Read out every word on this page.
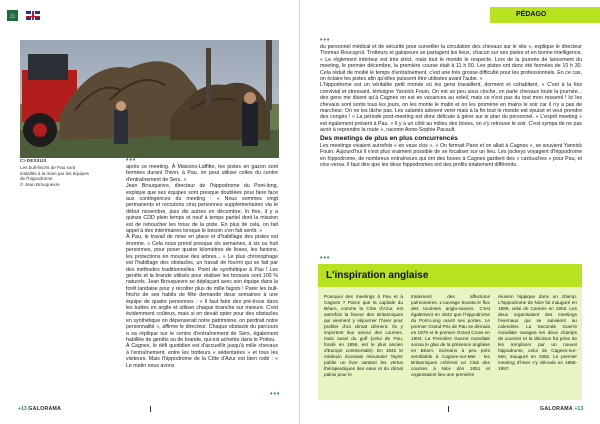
⌂	PÉDAGO
CI-DESSUS
Les bull-finchs de Pau sont installés à la main par les équipes de l'hippodrome
© Jean Brouquevre
•••

après ce meeting. À Maisons-Laffitte, les pistes en gazon sont fermées durant l'hiver, à Pau, on peut utiliser celles du centre d'entraînement de Sers. »

Jean Brouquevre, directeur de l'hippodrome du Pont-long, explique que ses équipes sont presque doublées pour faire face aux contingences du meeting : « Nous sommes vingt permanents et recrutons cinq personnes supplémentaires via le début novembre, puis dix autres en décembre. In fine, il y a quinze CDD plein temps et neuf à temps partiel dont la mission est de reboucher les trous de la piste. En plus de cela, on fait appel à des intérimaires lorsque le besoin s'en fait sentir. »

À Pau, le travail de mise en place et d'habillage des pistes est énorme. « Cela nous prend presque six semaines, à six ou huit personnes, pour poser quatre kilomètres de lisses, les fanions, les protections en mousse des arbres... » Le plus chronophage est l'habillage des obstacles, un travail de fourmi qui se fait par des méthodes traditionnelles. Point de synthétique à Pau ! Les genêts et la brande utilisés pour réaliser les brosses sont 100 % naturels. Jean Brouquevre se déplaçant avec son équipe dans la forêt landaise pour y récolter plus de mille fagots ! Parer les bull-finchs de ses habits de fête demande deux semaines à une équipe de quatre personnes : « Il faut faire des pré-trous dans les buttes en argile et utiliser chaque branche sur mesure. C'est évidemment coûteux, mais si on devait opter pour des obstacles en synthétique on dépenserait notre patrimoine, on perdrait notre personnalité », affirme le directeur. Chaque obstacle du parcours a sa réplique sur le centre d'entraînement de Sers, également habillée de genêts ou de brande, qui est achetée dans le Poitou.

À Cagnes, le défi quotidien est d'accueillir jusqu'à mille chevaux à l'entraînement, entre les trotteurs « sédentaires » et tous les visiteurs. Mais l'hippodrome de la Côte d'Azur est bien rodé : « Le matin nous avons

•••

du personnel médical et de sécurité pour surveiller la circulation des chevaux sur le site », explique le directeur Thomas Roucayrol. Trotteurs et galopeurs se partagent les lieux, chacun sur ses pistes et en bonne intelligence. « Le règlement intérieur est très strict, mais tout le monde le respecte. Lors de la journée de lancement du meeting, le premier décembre, la première course était à 11 h 50. Les pistes ont donc été fermées de 10 h 30. Cela réduit de moitié le temps d'entraînement, c'est une très grosse difficulté pour les professionnels. En ce cas, on éclaire les pistes afin qu'elles puissent être utilisées avant l'aube. »

L'hippodrome est un véritable petit monde où les gens travaillent, dorment et cohabitent. « C'est à la fois convivial et stressant, témoigne Yannick Fouin. On est un peu sous cloche, on parle chevaux toute la journée... des gens me disent qu'à Cagnes on est en vacances au soleil, mais ce n'est pas du tout mon ressenti ! Ici les chevaux sont sortis tous les jours, on les monte le matin et on les promène en mains le soir car il n'y a pas de marcheur. On ne les lâche pas. Les salariés adorent venir mais à la fin tout le monde est épuisé et veut prendre des congés ! » La période post-meeting est donc délicate à gérer sur le plan du personnel. « L'esprit meeting » est également présent à Pau. « Il y a un côté au milieu des boxes, on s'y retrouve le soir. C'est sympa de ne pas avoir à reprendre la route », raconte Anne-Sophie Pacault.

Des meetings de plus en plus concurrencés

Les meetings vivaient autrefois « en vase clos ». « On fermait Paris et on allait à Cagnes », se souvient Yannick Fouin. Aujourd'hui il n'est plus vraiment possible de se focaliser sur un lieu. Les jockeys voyagent d'hippodrome en hippodrome, de nombreux entraîneurs qui ont des boxes à Cagnes gardent des « cartouches » pour Pau, et vice-versa. Il faut dire que les deux hippodromes ont des profils totalement différents.

L'inspiration anglaise
Pourquoi des meetings à Pau et à Cagnes ? Parce que la capitale du Béarn, comme la Côte d'Azur, est autrefois la faveur des Britanniques qui viennent y séjourner l'hiver pour profiter d'un climat clément. Ils y importent leur amour des courses, mais aussi du golf (celui de Pau, fondé en 1856, est le plus ancien d'Europe continentale). En 1842 le médecin écossais Alexander Taylor publie un livre vantant les vertus thérapeutiques des eaux et du climat palois pour le
traitement des affections pulmonaires. L'ouvrage boosta le flux des touristes anglo-saxons. C'est également en 1842 que l'hippodrome du Pont-Long ouvrit ses portes. Le premier Grand Prix de Pau se déroula en 1879 et le premier Grand Cross en 1904. La Première Guerre mondiale sonna le glas de la présence anglaise en Béarn. Scénario à peu près semblable à Cagnes-sur-Mer : les Britanniques créèrent un Club des courses à Nice dès 1851 et organisaient lieu une première
réunion hippique dans un champ. L'hippodrome de Nice fut inauguré en 1869, celui de Cannes en 1902. Les deux organisaient des meetings hivernaux qui se suivaient au calendrier. La Seconde Guerre mondiale ravagea les deux champs de courses et la décision fut prise de les remplacer par un nouvel hippodrome, celui de Cagnes-sur-Mer, inauguré en 1952. Le premier meeting d'hiver s'y déroula en 1956-1957.
+13 GALORAMA	GALORAMA +13
•••
•••
